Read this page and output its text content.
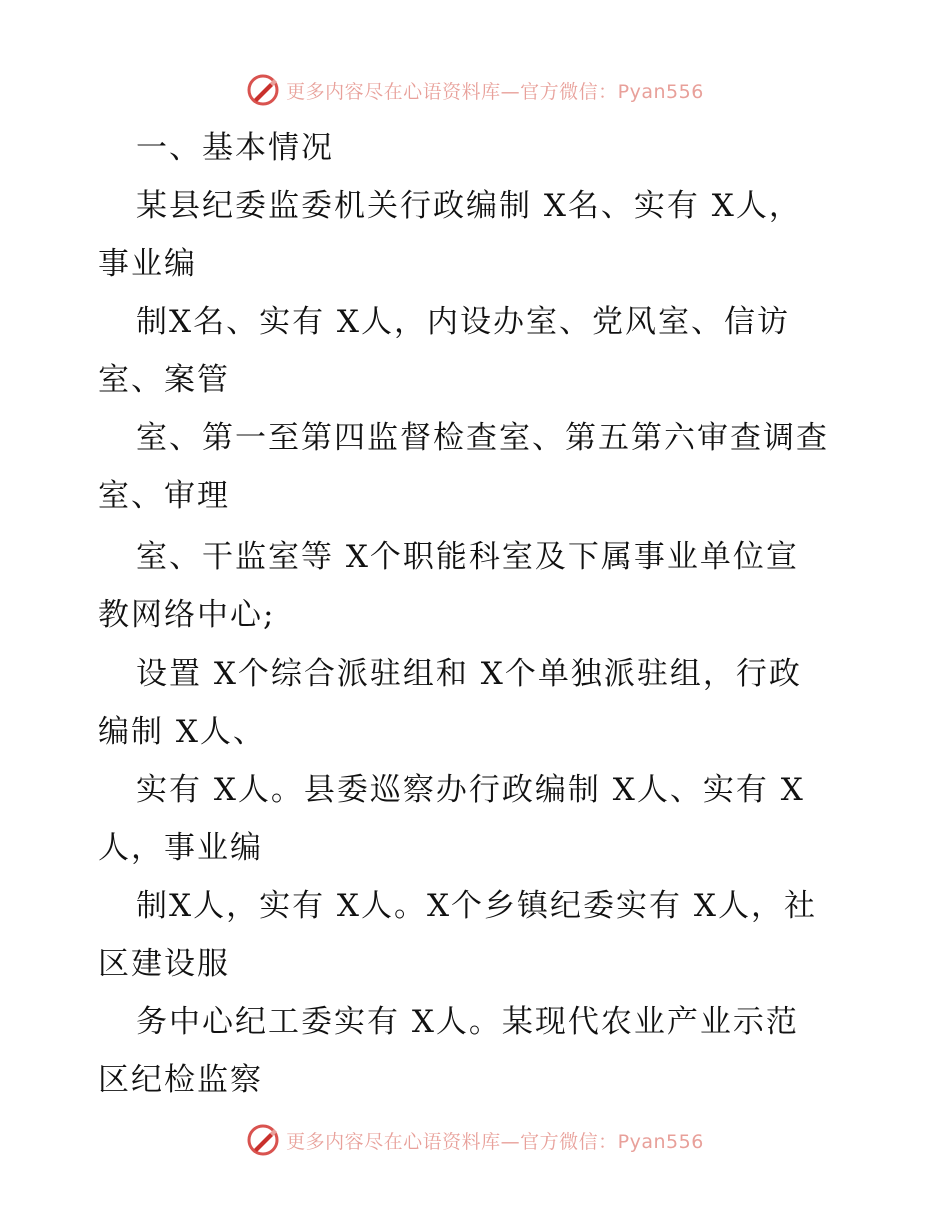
更多内容尽在心语资料库—官方微信：Pyan556
一、基本情况
某县纪委监委机关行政编制 X名、实有 X人，
事业编
制X名、实有 X人，内设办室、党风室、信访
室、案管
室、第一至第四监督检查室、第五第六审查调查
室、审理
室、干监室等 X个职能科室及下属事业单位宣
教网络中心;
设置 X个综合派驻组和 X个单独派驻组，行政
编制 X人、
实有 X人。县委巡察办行政编制 X人、实有 X
人，事业编
制X人，实有 X人。X个乡镇纪委实有 X人，社
区建设服
务中心纪工委实有 X人。某现代农业产业示范
区纪检监察
更多内容尽在心语资料库—官方微信：Pyan556
